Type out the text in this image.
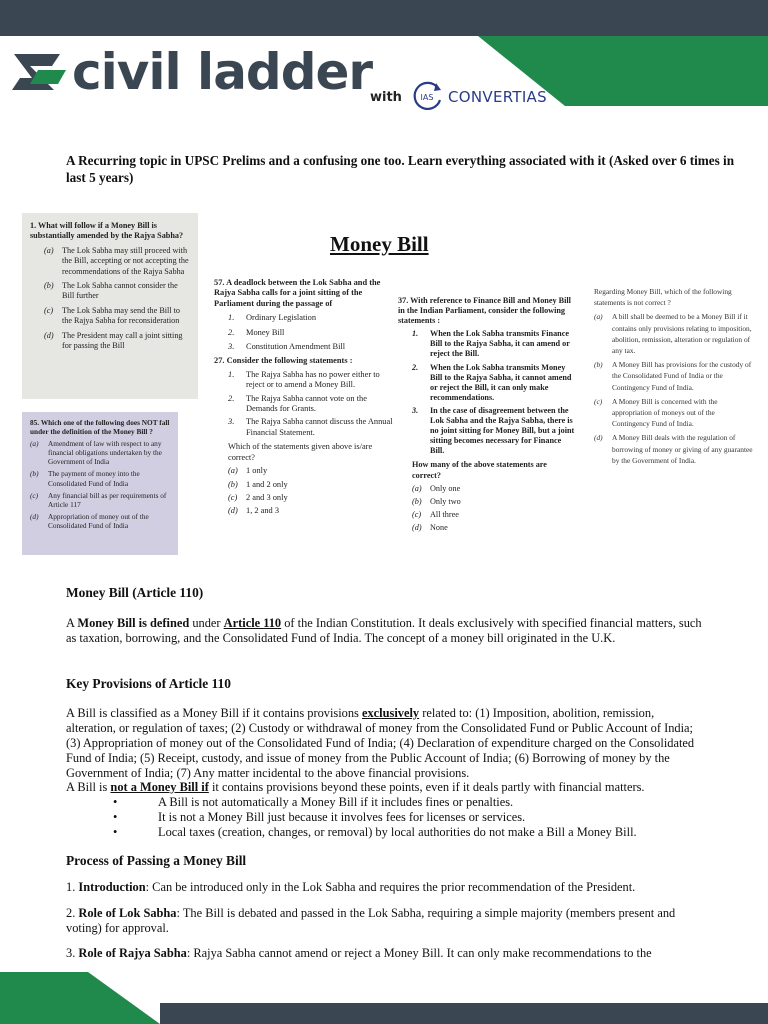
civil ladder
with IAS CONVERTIAS
A Recurring topic in UPSC Prelims and a confusing one too. Learn everything associated with it (Asked over 6 times in last 5 years)
1. What will follow if a Money Bill is substantially amended by the Rajya Sabha?
(a)	The Lok Sabha may still proceed with the Bill, accepting or not accepting the recommendations of the Rajya Sabha
(b)	The Lok Sabha cannot consider the Bill further
(c)	The Lok Sabha may send the Bill to the Rajya Sabha for reconsideration
(d)	The President may call a joint sitting for passing the Bill
85. Which one of the following does NOT fall under the definition of the Money Bill ?
(a)	Amendment of law with respect to any financial obligations undertaken by the Government of India
(b)	The payment of money into the Consolidated Fund of India
(c)	Any financial bill as per requirements of Article 117
(d)	Appropriation of money out of the Consolidated Fund of India
Money Bill
57. A deadlock between the Lok Sabha and the Rajya Sabha calls for a joint sitting of the Parliament during the passage of
1.	Ordinary Legislation
2.	Money Bill
3.	Constitution Amendment Bill
27. Consider the following statements :
1.	The Rajya Sabha has no power either to reject or to amend a Money Bill.
2.	The Rajya Sabha cannot vote on the Demands for Grants.
3.	The Rajya Sabha cannot discuss the Annual Financial Statement.
Which of the statements given above is/are correct?
(a) 1 only
(b) 1 and 2 only
(c)	2 and 3 only
(d) 1, 2 and 3
37. With reference to Finance Bill and Money Bill in the Indian Parliament, consider the following statements :
1.	When the Lok Sabha transmits Finance Bill to the Rajya Sabha, it can amend or reject the Bill.
2.	When the Lok Sabha transmits Money Bill to the Rajya Sabha, it cannot amend or reject the Bill, it can only make recommendations.
3.	In the case of disagreement between the Lok Sabha and the Rajya Sabha, there is no joint sitting for Money Bill, but a joint sitting becomes necessary for Finance Bill.
How many of the above statements are correct?
(a)	Only one
(b)	Only two
(c)	All three
(d)	None
Regarding Money Bill, which of the following statements is not correct ?
(a)	A bill shall be deemed to be a Money Bill if it contains only provisions relating to imposition, abolition, remission, alteration or regulation of any tax.
(b)	A Money Bill has provisions for the custody of the Consolidated Fund of India or the Contingency Fund of India.
(c)	A Money Bill is concerned with the appropriation of moneys out of the Contingency Fund of India.
(d)	A Money Bill deals with the regulation of borrowing of money or giving of any guarantee by the Government of India.
Money Bill (Article 110)
A Money Bill is defined under Article 110 of the Indian Constitution. It deals exclusively with specified financial matters, such as taxation, borrowing, and the Consolidated Fund of India. The concept of a money bill originated in the U.K.
Key Provisions of Article 110
A Bill is classified as a Money Bill if it contains provisions exclusively related to: (1) Imposition, abolition, remission, alteration, or regulation of taxes; (2) Custody or withdrawal of money from the Consolidated Fund or Public Account of India; (3) Appropriation of money out of the Consolidated Fund of India; (4) Declaration of expenditure charged on the Consolidated Fund of India; (5) Receipt, custody, and issue of money from the Public Account of India; (6) Borrowing of money by the Government of India; (7) Any matter incidental to the above financial provisions.
A Bill is not a Money Bill if it contains provisions beyond these points, even if it deals partly with financial matters.
• A Bill is not automatically a Money Bill if it includes fines or penalties.
• It is not a Money Bill just because it involves fees for licenses or services.
• Local taxes (creation, changes, or removal) by local authorities do not make a Bill a Money Bill.
Process of Passing a Money Bill
1. Introduction: Can be introduced only in the Lok Sabha and requires the prior recommendation of the President.
2. Role of Lok Sabha: The Bill is debated and passed in the Lok Sabha, requiring a simple majority (members present and voting) for approval.
3. Role of Rajya Sabha: Rajya Sabha cannot amend or reject a Money Bill. It can only make recommendations to the
